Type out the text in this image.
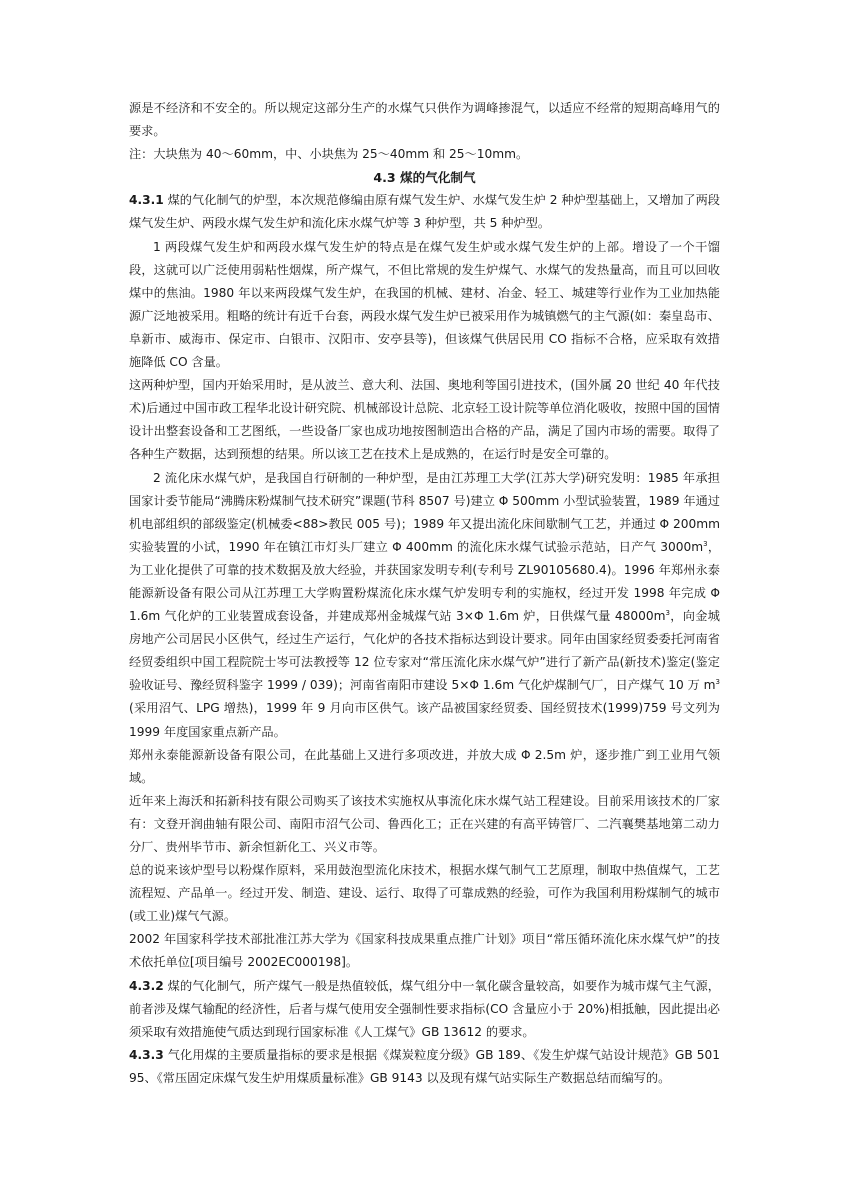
源是不经济和不安全的。所以规定这部分生产的水煤气只供作为调峰掺混气，以适应不经常的短期高峰用气的要求。

注：大块焦为 40～60mm，中、小块焦为 25～40mm 和 25～10mm。

4.3 煤的气化制气

4.3.1 煤的气化制气的炉型，本次规范修编由原有煤气发生炉、水煤气发生炉 2 种炉型基础上，又增加了两段煤气发生炉、两段水煤气发生炉和流化床水煤气炉等 3 种炉型，共 5 种炉型。

1 两段煤气发生炉和两段水煤气发生炉的特点是在煤气发生炉或水煤气发生炉的上部。增设了一个干馏段，这就可以广泛使用弱粘性烟煤，所产煤气，不但比常规的发生炉煤气、水煤气的发热量高，而且可以回收煤中的焦油。1980 年以来两段煤气发生炉，在我国的机械、建材、冶金、轻工、城建等行业作为工业加热能源广泛地被采用。粗略的统计有近千台套，两段水煤气发生炉已被采用作为城镇燃气的主气源(如：秦皇岛市、阜新市、威海市、保定市、白银市、汉阳市、安亭县等)，但该煤气供居民用 CO 指标不合格，应采取有效措施降低 CO 含量。

这两种炉型，国内开始采用时，是从波兰、意大利、法国、奥地利等国引进技术，(国外属 20 世纪 40 年代技术)后通过中国市政工程华北设计研究院、机械部设计总院、北京轻工设计院等单位消化吸收，按照中国的国情设计出整套设备和工艺图纸，一些设备厂家也成功地按图制造出合格的产品，满足了国内市场的需要。取得了各种生产数据，达到预想的结果。所以该工艺在技术上是成熟的，在运行时是安全可靠的。

2 流化床水煤气炉，是我国自行研制的一种炉型，是由江苏理工大学(江苏大学)研究发明：1985 年承担国家计委节能局“沸腾床粉煤制气技术研究”课题(节科 8507 号)建立 Φ 500mm 小型试验装置，1989 年通过机电部组织的部级鉴定(机械委<88>教民 005 号)；1989 年又提出流化床间歇制气工艺，并通过 Φ 200mm 实验装置的小试，1990 年在镇江市灯头厂建立 Φ 400mm 的流化床水煤气试验示范站，日产气 $3000m^3$，为工业化提供了可靠的技术数据及放大经验，并获国家发明专利(专利号 ZL90105680.4)。1996 年郑州永泰能源新设备有限公司从江苏理工大学购置粉煤流化床水煤气炉发明专利的实施权，经过开发 1998 年完成 Φ 1.6m 气化炉的工业装置成套设备，并建成郑州金城煤气站 3×Φ 1.6m 炉，日供煤气量 $48000m^3$，向金城房地产公司居民小区供气，经过生产运行，气化炉的各技术指标达到设计要求。同年由国家经贸委委托河南省经贸委组织中国工程院院士岑可法教授等 12 位专家对“常压流化床水煤气炉”进行了新产品(新技术)鉴定(鉴定验收证号、豫经贸科鉴字 1999 / 039)；河南省南阳市建设 5×Φ 1.6m 气化炉煤制气厂，日产煤气 10 万 $m^3$(采用沼气、LPG 增热)，1999 年 9 月向市区供气。该产品被国家经贸委、国经贸技术(1999)759 号文列为 1999 年度国家重点新产品。

郑州永泰能源新设备有限公司，在此基础上又进行多项改进，并放大成 Φ 2.5m 炉，逐步推广到工业用气领域。

近年来上海沃和拓新科技有限公司购买了该技术实施权从事流化床水煤气站工程建设。目前采用该技术的厂家有：文登开润曲轴有限公司、南阳市沼气公司、鲁西化工；正在兴建的有高平铸管厂、二汽襄樊基地第二动力分厂、贵州毕节市、新余恒新化工、兴义市等。

总的说来该炉型号以粉煤作原料，采用鼓泡型流化床技术，根据水煤气制气工艺原理，制取中热值煤气，工艺流程短、产品单一。经过开发、制造、建设、运行、取得了可靠成熟的经验，可作为我国利用粉煤制气的城市(或工业)煤气气源。

2002 年国家科学技术部批准江苏大学为《国家科技成果重点推广计划》项目“常压循环流化床水煤气炉”的技术依托单位[项目编号 2002EC000198]。

4.3.2 煤的气化制气，所产煤气一般是热值较低，煤气组分中一氧化碳含量较高，如要作为城市煤气主气源，前者涉及煤气输配的经济性，后者与煤气使用安全强制性要求指标(CO 含量应小于 20%)相抵触，因此提出必须采取有效措施使气质达到现行国家标准《人工煤气》GB 13612 的要求。

4.3.3 气化用煤的主要质量指标的要求是根据《煤炭粒度分级》GB 189、《发生炉煤气站设计规范》GB 50195、《常压固定床煤气发生炉用煤质量标准》GB 9143 以及现有煤气站实际生产数据总结而编写的。
